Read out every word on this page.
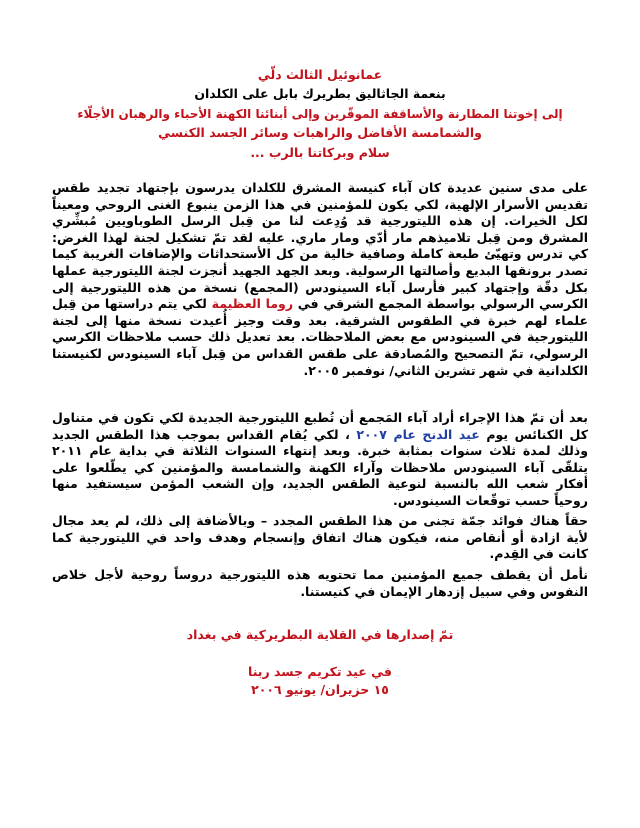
عمانوئيل الثالث دلّي
بنعمة الجاثاليق بطريرك بابل على الكلدان
إلى إخوتنا المطارنة والأساقفة الموقّرين وإلى أبنائنا الكهنة الأحباء والرهبان الأجلّاء
والشمامسة الأفاضل والراهبات وسائر الجسد الكنسي
سلام وبركاتنا بالرب ...
على مدى سنين عديدة كان آباء كنيسة المشرق للكلدان يدرسون بإجتهاد تجديد طقس تقديس الأسرار الإلهية، لكي يكون للمؤمنين في هذا الزمن ينبوع الغنى الروحي ومعيناً لكل الخيرات. إن هذه الليتورجية قد وُدِعت لنا من قِبل الرسل الطوباويين مُبشِّري المشرق ومن قِبل تلاميذهم مار أدّي ومار ماري. عليه لقد تمّ تشكيل لجنة لهذا الغرض: كي تدرس وتهيّئ طبعة كاملة وصافية خالية من كل الأستحداثات والإضافات الغريبة كيما تصدر برونقها البديع وأصالتها الرسولية. وبعد الجهد الجهيد أنجزت لجنة الليتورجية عملها بكل دقّة وإجتهاد كبير فأرسل آباء السينودس (المجمع) نسخة من هذه الليتورجية إلى الكرسي الرسولي بواسطة المجمع الشرقي في روما العظيمة لكي يتم دراستها من قِبل علماء لهم خبرة في الطقوس الشرقية. بعد وقت وجيز أُعيدت نسخة منها إلى لجنة الليتورجية في السينودس مع بعض الملاحظات. بعد تعديل ذلك حسب ملاحظات الكرسي الرسولي، تمّ التصحيح والمُصادقة على طقس القداس من قِبل آباء السينودس لكنيستنا الكلدانية في شهر تشرين الثاني/ نوفمبر ٢٠٠٥.
بعد أن تمّ هذا الإجراء أراد آباء المَجمع أن تُطبع الليتورجية الجديدة لكي تكون في متناول كل الكنائس يوم عيد الدنح عام ٢٠٠٧ ، لكي يُقام القداس بموجب هذا الطقس الجديد وذلك لمدة ثلاث سنوات بمثابة خبرة. وبعد إنتهاء السنوات الثلاثة في بداية عام ٢٠١١ يتلقّى آباء السينودس ملاحظات وآراء الكهنة والشمامسة والمؤمنين كي يطّلعوا على أفكار شعب الله بالنسبة لنوعية الطقس الجديد، وإن الشعب المؤمن سيستفيد منها روحياً حسب توقّعات السينودس.
حقاً هناك فوائد جمّة تجنى من هذا الطقس المجدد – وبالأضافة إلى ذلك، لم يعد مجال لأية ازادة أو أنقاص منه، فيكون هناك اتفاق وإنسجام وهدف واحد في الليتورجية كما كانت في القِدم.
نأمل أن يقطف جميع المؤمنين مما تحتويه هذه الليتورجية دروساً روحية لأجل خلاص النفوس وفي سبيل إزدهار الإيمان في كنيستنا.
تمّ إصدارها في القلاية البطريركية في بغداد
في عيد تكريم جسد ربنا
١٥ حزيران/ يونيو ٢٠٠٦
